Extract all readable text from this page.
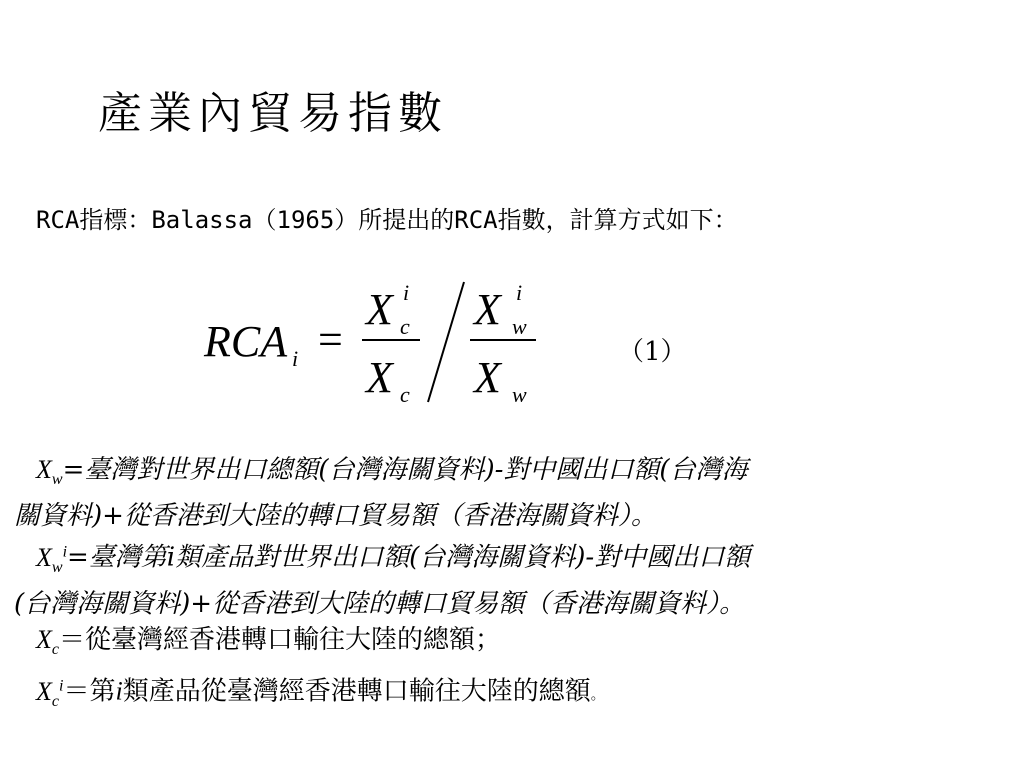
產業內貿易指數
RCA指標：Balassa（1965）所提出的RCA指數，計算方式如下：
RCA i =
X i
c
X c
X i
w
X w
（1）

$X_w=$臺灣對世界出口總額(台灣海關資料)-對中國出口額(台灣海

關資料)+從香港到大陸的轉口貿易額（香港海關資料）。

$X_w^i=$臺灣第i類產品對世界出口額(台灣海關資料)-對中國出口額

(台灣海關資料)+從香港到大陸的轉口貿易額（香港海關資料）。

$X_c=$從臺灣經香港轉口輸往大陸的總額；

$X_c^i=$第i類產品從臺灣經香港轉口輸往大陸的總額。
